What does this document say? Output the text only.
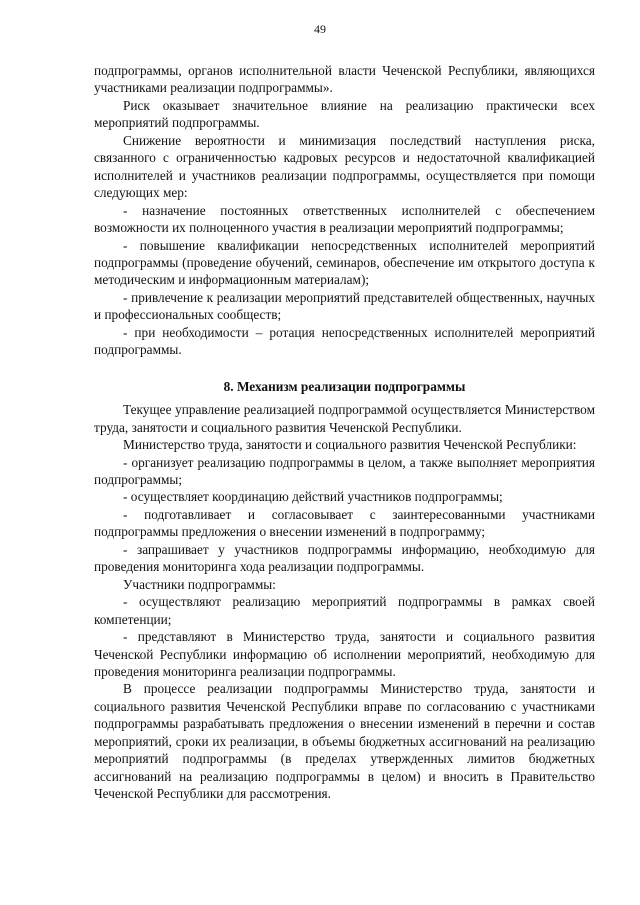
49

подпрограммы, органов исполнительной власти Чеченской Республики, являющихся участниками реализации подпрограммы».

Риск оказывает значительное влияние на реализацию практически всех мероприятий подпрограммы.

Снижение вероятности и минимизация последствий наступления риска, связанного с ограниченностью кадровых ресурсов и недостаточной квалификацией исполнителей и участников реализации подпрограммы, осуществляется при помощи следующих мер:

- назначение постоянных ответственных исполнителей с обеспечением возможности их полноценного участия в реализации мероприятий подпрограммы;

- повышение квалификации непосредственных исполнителей мероприятий подпрограммы (проведение обучений, семинаров, обеспечение им открытого доступа к методическим и информационным материалам);

- привлечение к реализации мероприятий представителей общественных, научных и профессиональных сообществ;

- при необходимости – ротация непосредственных исполнителей мероприятий подпрограммы.

8. Механизм реализации подпрограммы

Текущее управление реализацией подпрограммой осуществляется Министерством труда, занятости и социального развития Чеченской Республики.

Министерство труда, занятости и социального развития Чеченской Республики:

- организует реализацию подпрограммы в целом, а также выполняет мероприятия подпрограммы;

- осуществляет координацию действий участников подпрограммы;

- подготавливает и согласовывает с заинтересованными участниками подпрограммы предложения о внесении изменений в подпрограмму;

- запрашивает у участников подпрограммы информацию, необходимую для проведения мониторинга хода реализации подпрограммы.

Участники подпрограммы:

- осуществляют реализацию мероприятий подпрограммы в рамках своей компетенции;

- представляют в Министерство труда, занятости и социального развития Чеченской Республики информацию об исполнении мероприятий, необходимую для проведения мониторинга реализации подпрограммы.

В процессе реализации подпрограммы Министерство труда, занятости и социального развития Чеченской Республики вправе по согласованию с участниками подпрограммы разрабатывать предложения о внесении изменений в перечни и состав мероприятий, сроки их реализации, в объемы бюджетных ассигнований на реализацию мероприятий подпрограммы (в пределах утвержденных лимитов бюджетных ассигнований на реализацию подпрограммы в целом) и вносить в Правительство Чеченской Республики для рассмотрения.
